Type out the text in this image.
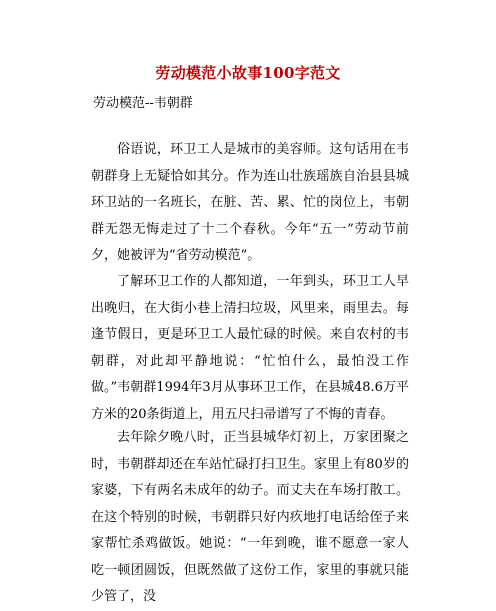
劳动模范小故事100字范文
劳动模范--韦朝群

俗语说，环卫工人是城市的美容师。这句话用在韦朝群身上无疑恰如其分。作为连山壮族瑶族自治县县城环卫站的一名班长，在脏、苦、累、忙的岗位上，韦朝群无怨无悔走过了十二个春秋。今年“五一”劳动节前夕，她被评为“省劳动模范”。

了解环卫工作的人都知道，一年到头，环卫工人早出晚归，在大街小巷上清扫垃圾，风里来，雨里去。每逢节假日，更是环卫工人最忙碌的时候。来自农村的韦朝群，对此却平静地说：“忙怕什么，最怕没工作做。”韦朝群1994年3月从事环卫工作，在县城48.6万平方米的20条街道上，用五尺扫帚谱写了不悔的青春。

去年除夕晚八时，正当县城华灯初上，万家团聚之时，韦朝群却还在车站忙碌打扫卫生。家里上有80岁的家婆，下有两名未成年的幼子。而丈夫在车场打散工。在这个特别的时候，韦朝群只好内疚地打电话给侄子来家帮忙杀鸡做饭。她说：“一年到晚，谁不愿意一家人吃一顿团圆饭，但既然做了这份工作，家里的事就只能少管了，没
